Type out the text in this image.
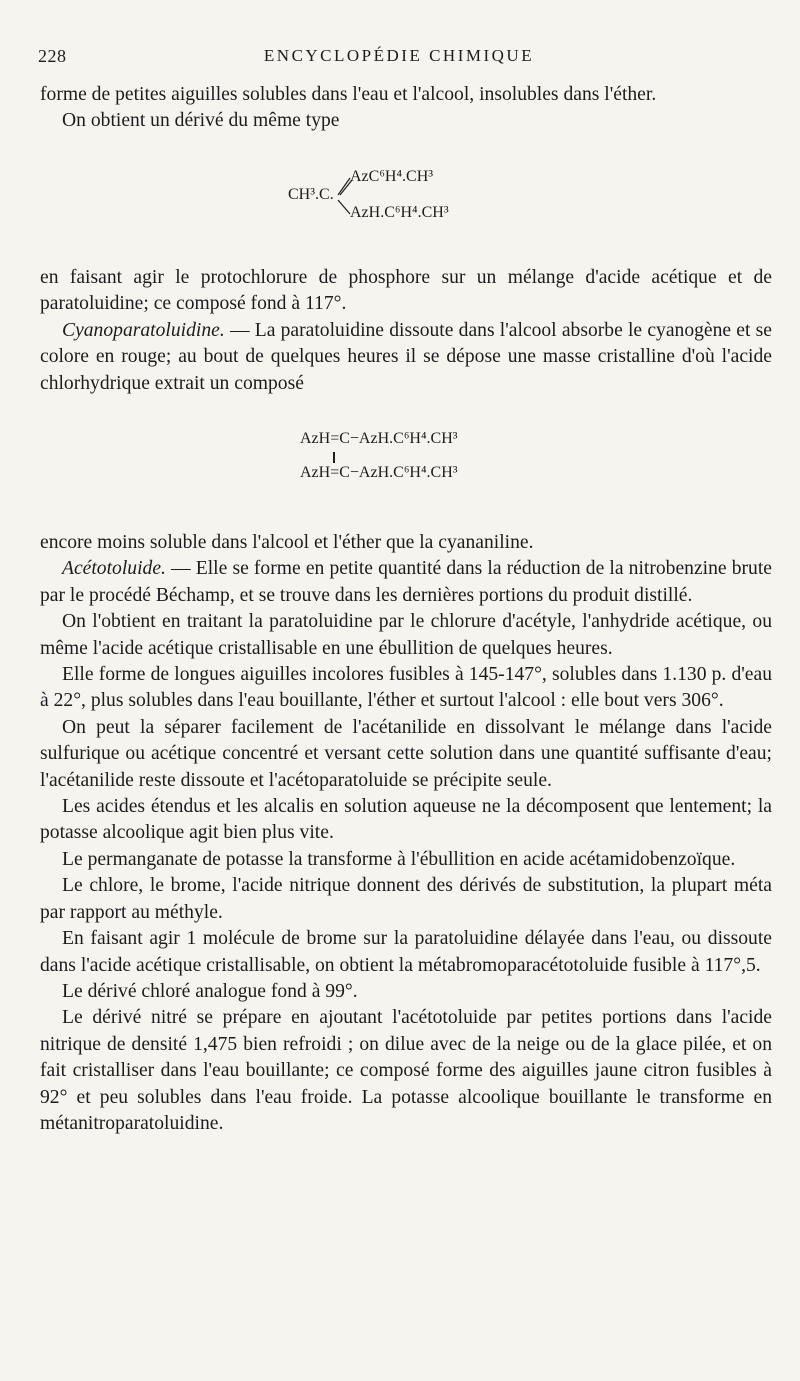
228	ENCYCLOPÉDIE CHIMIQUE

forme de petites aiguilles solubles dans l'eau et l'alcool, insolubles dans l'éther.

On obtient un dérivé du même type

CH³.C.
AzC⁶H⁴.CH³
AzH.C⁶H⁴.CH³

en faisant agir le protochlorure de phosphore sur un mélange d'acide acétique et de paratoluidine; ce composé fond à 117°.

Cyanoparatoluidine. — La paratoluidine dissoute dans l'alcool absorbe le cyanogène et se colore en rouge; au bout de quelques heures il se dépose une masse cristalline d'où l'acide chlorhydrique extrait un composé

AzH=C−AzH.C⁶H⁴.CH³
AzH=C−AzH.C⁶H⁴.CH³

encore moins soluble dans l'alcool et l'éther que la cyananiline.

Acétotoluide. — Elle se forme en petite quantité dans la réduction de la nitrobenzine brute par le procédé Béchamp, et se trouve dans les dernières portions du produit distillé.

On l'obtient en traitant la paratoluidine par le chlorure d'acétyle, l'anhydride acétique, ou même l'acide acétique cristallisable en une ébullition de quelques heures.

Elle forme de longues aiguilles incolores fusibles à 145-147°, solubles dans 1.130 p. d'eau à 22°, plus solubles dans l'eau bouillante, l'éther et surtout l'alcool : elle bout vers 306°.

On peut la séparer facilement de l'acétanilide en dissolvant le mélange dans l'acide sulfurique ou acétique concentré et versant cette solution dans une quantité suffisante d'eau; l'acétanilide reste dissoute et l'acétoparatoluide se précipite seule.

Les acides étendus et les alcalis en solution aqueuse ne la décomposent que lentement; la potasse alcoolique agit bien plus vite.

Le permanganate de potasse la transforme à l'ébullition en acide acétamidobenzoïque.

Le chlore, le brome, l'acide nitrique donnent des dérivés de substitution, la plupart méta par rapport au méthyle.

En faisant agir 1 molécule de brome sur la paratoluidine délayée dans l'eau, ou dissoute dans l'acide acétique cristallisable, on obtient la métabromoparacétotoluide fusible à 117°,5.

Le dérivé chloré analogue fond à 99°.

Le dérivé nitré se prépare en ajoutant l'acétotoluide par petites portions dans l'acide nitrique de densité 1,475 bien refroidi ; on dilue avec de la neige ou de la glace pilée, et on fait cristalliser dans l'eau bouillante; ce composé forme des aiguilles jaune citron fusibles à 92° et peu solubles dans l'eau froide. La potasse alcoolique bouillante le transforme en métanitroparatoluidine.
